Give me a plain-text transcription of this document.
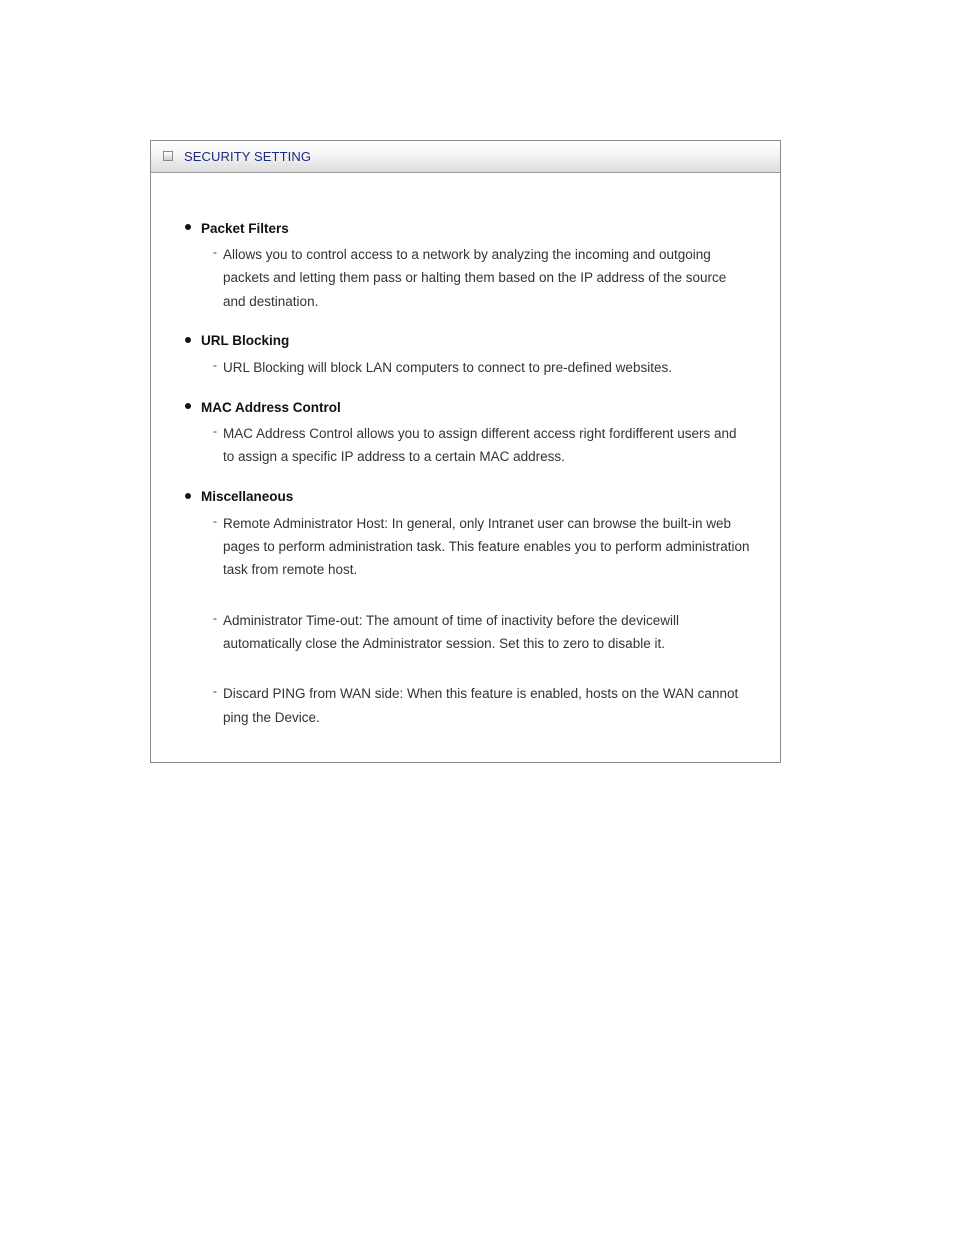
SECURITY SETTING
Packet Filters
- Allows you to control access to a network by analyzing the incoming and outgoing packets and letting them pass or halting them based on the IP address of the source and destination.
URL Blocking
- URL Blocking will block LAN computers to connect to pre-defined websites.
MAC Address Control
- MAC Address Control allows you to assign different access right fordifferent users and to assign a specific IP address to a certain MAC address.
Miscellaneous
- Remote Administrator Host: In general, only Intranet user can browse the built-in web pages to perform administration task. This feature enables you to perform administration task from remote host.
- Administrator Time-out: The amount of time of inactivity before the devicewill automatically close the Administrator session. Set this to zero to disable it.
- Discard PING from WAN side: When this feature is enabled, hosts on the WAN cannot ping the Device.
